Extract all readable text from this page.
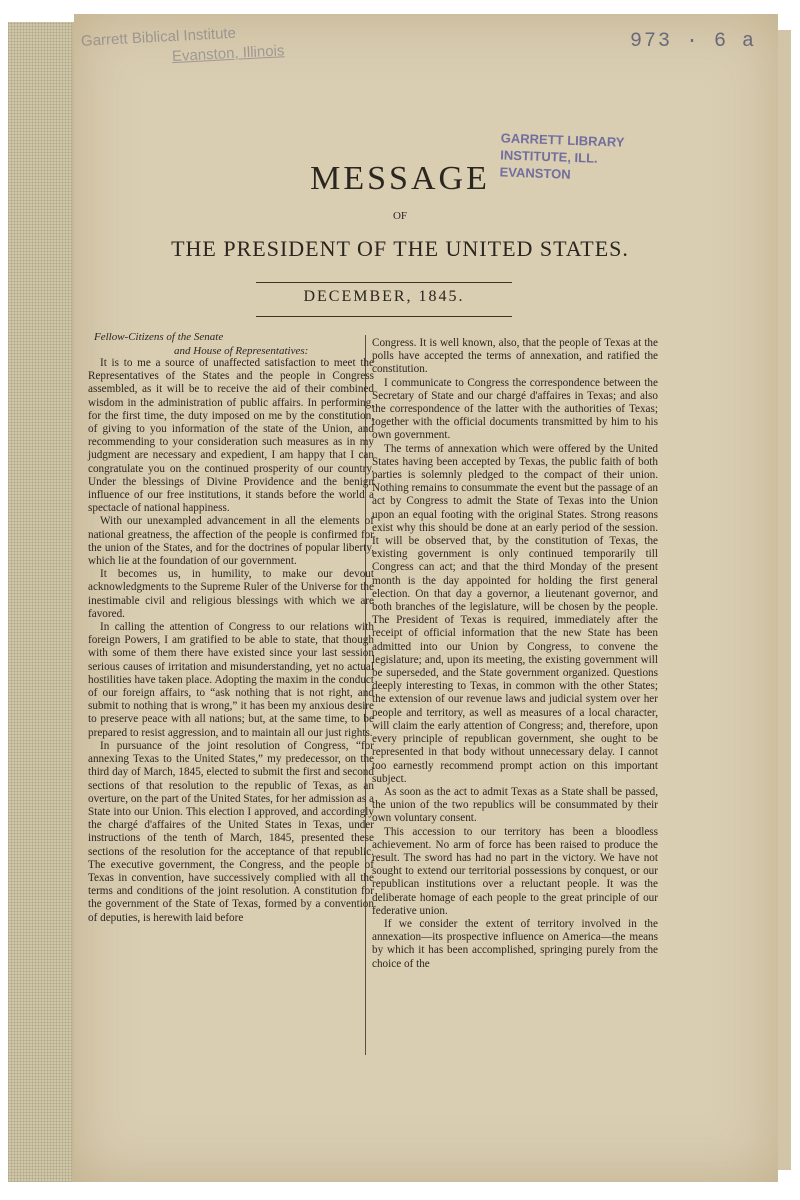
Garrett Biblical Institute
Evanston, Illinois
973 · 6 a
GARRETT LIBRARY
INSTITUTE, ILL.
EVANSTON
MESSAGE
OF
THE PRESIDENT OF THE UNITED STATES.
DECEMBER, 1845.
Fellow-Citizens of the Senate
and House of Representatives:

It is to me a source of unaffected satisfaction to meet the Representatives of the States and the people in Congress assembled, as it will be to receive the aid of their combined wisdom in the administration of public affairs. In performing, for the first time, the duty imposed on me by the constitution, of giving to you information of the state of the Union, and recommending to your consideration such measures as in my judgment are necessary and expedient, I am happy that I can congratulate you on the continued prosperity of our country. Under the blessings of Divine Providence and the benign influence of our free institutions, it stands before the world a spectacle of national happiness.

With our unexampled advancement in all the elements of national greatness, the affection of the people is confirmed for the union of the States, and for the doctrines of popular liberty, which lie at the foundation of our government.

It becomes us, in humility, to make our devout acknowledgments to the Supreme Ruler of the Universe for the inestimable civil and religious blessings with which we are favored.

In calling the attention of Congress to our relations with foreign Powers, I am gratified to be able to state, that though with some of them there have existed since your last session serious causes of irritation and misunderstanding, yet no actual hostilities have taken place. Adopting the maxim in the conduct of our foreign affairs, to “ask nothing that is not right, and submit to nothing that is wrong,” it has been my anxious desire to preserve peace with all nations; but, at the same time, to be prepared to resist aggression, and to maintain all our just rights.

In pursuance of the joint resolution of Congress, “for annexing Texas to the United States,” my predecessor, on the third day of March, 1845, elected to submit the first and second sections of that resolution to the republic of Texas, as an overture, on the part of the United States, for her admission as a State into our Union. This election I approved, and accordingly the chargé d'affaires of the United States in Texas, under instructions of the tenth of March, 1845, presented these sections of the resolution for the acceptance of that republic. The executive government, the Congress, and the people of Texas in convention, have successively complied with all the terms and conditions of the joint resolution. A constitution for the government of the State of Texas, formed by a convention of deputies, is herewith laid before

Congress. It is well known, also, that the people of Texas at the polls have accepted the terms of annexation, and ratified the constitution.

I communicate to Congress the correspondence between the Secretary of State and our chargé d'affaires in Texas; and also the correspondence of the latter with the authorities of Texas; together with the official documents transmitted by him to his own government.

The terms of annexation which were offered by the United States having been accepted by Texas, the public faith of both parties is solemnly pledged to the compact of their union. Nothing remains to consummate the event but the passage of an act by Congress to admit the State of Texas into the Union upon an equal footing with the original States. Strong reasons exist why this should be done at an early period of the session. It will be observed that, by the constitution of Texas, the existing government is only continued temporarily till Congress can act; and that the third Monday of the present month is the day appointed for holding the first general election. On that day a governor, a lieutenant governor, and both branches of the legislature, will be chosen by the people. The President of Texas is required, immediately after the receipt of official information that the new State has been admitted into our Union by Congress, to convene the legislature; and, upon its meeting, the existing government will be superseded, and the State government organized. Questions deeply interesting to Texas, in common with the other States; the extension of our revenue laws and judicial system over her people and territory, as well as measures of a local character, will claim the early attention of Congress; and, therefore, upon every principle of republican government, she ought to be represented in that body without unnecessary delay. I cannot too earnestly recommend prompt action on this important subject.

As soon as the act to admit Texas as a State shall be passed, the union of the two republics will be consummated by their own voluntary consent.

This accession to our territory has been a bloodless achievement. No arm of force has been raised to produce the result. The sword has had no part in the victory. We have not sought to extend our territorial possessions by conquest, or our republican institutions over a reluctant people. It was the deliberate homage of each people to the great principle of our federative union.

If we consider the extent of territory involved in the annexation—its prospective influence on America—the means by which it has been accomplished, springing purely from the choice of the
